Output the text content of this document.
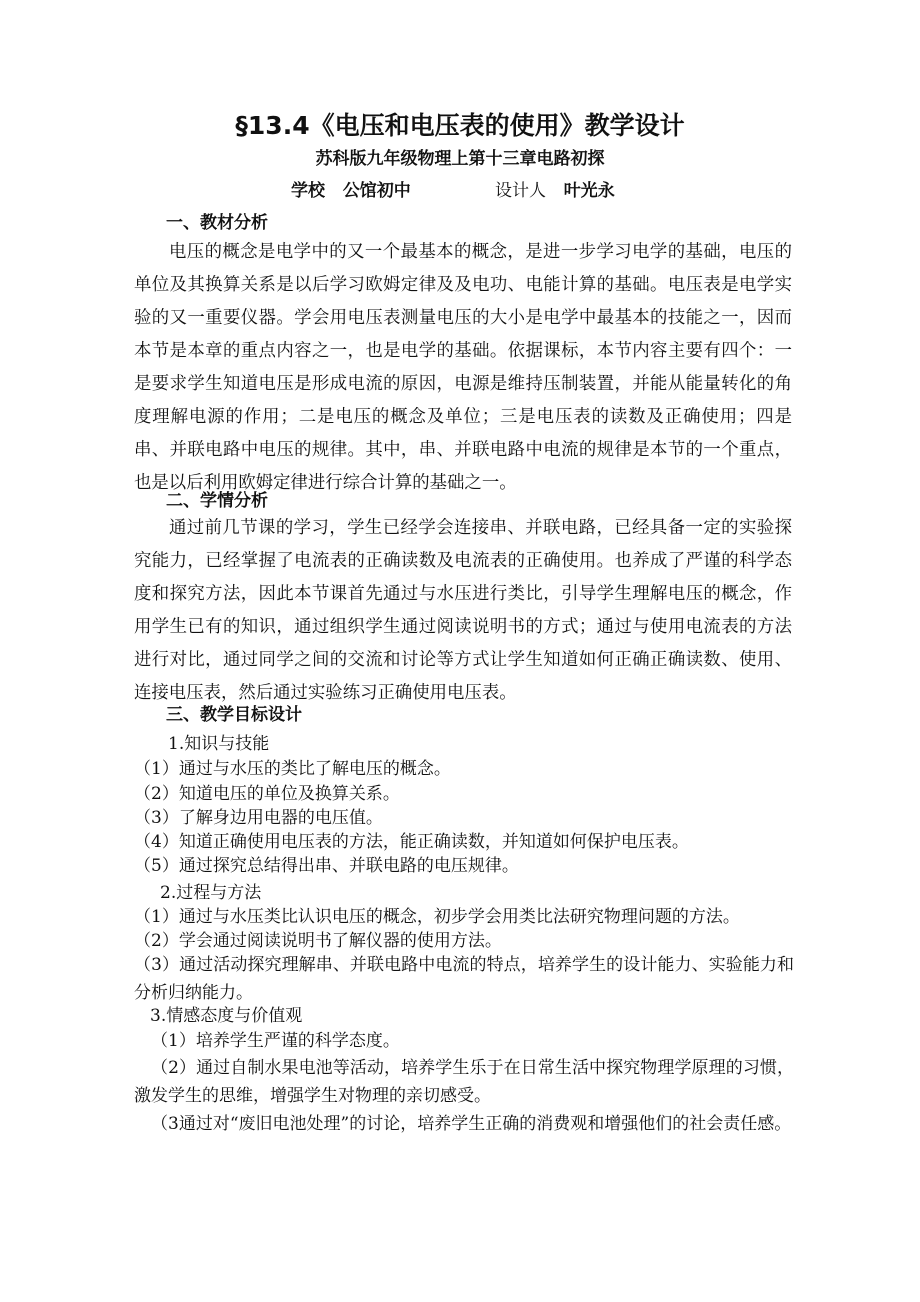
§13.4《电压和电压表的使用》教学设计
苏科版九年级物理上第十三章电路初探
学校 公馆初中	设计人 叶光永
一、教材分析

电压的概念是电学中的又一个最基本的概念，是进一步学习电学的基础，电压的单位及其换算关系是以后学习欧姆定律及及电功、电能计算的基础。电压表是电学实验的又一重要仪器。学会用电压表测量电压的大小是电学中最基本的技能之一，因而本节是本章的重点内容之一，也是电学的基础。依据课标，本节内容主要有四个：一是要求学生知道电压是形成电流的原因，电源是维持压制装置，并能从能量转化的角度理解电源的作用；二是电压的概念及单位；三是电压表的读数及正确使用；四是串、并联电路中电压的规律。其中，串、并联电路中电流的规律是本节的一个重点，也是以后利用欧姆定律进行综合计算的基础之一。

二、学情分析

通过前几节课的学习，学生已经学会连接串、并联电路，已经具备一定的实验探究能力，已经掌握了电流表的正确读数及电流表的正确使用。也养成了严谨的科学态度和探究方法，因此本节课首先通过与水压进行类比，引导学生理解电压的概念，作用学生已有的知识，通过组织学生通过阅读说明书的方式；通过与使用电流表的方法进行对比，通过同学之间的交流和讨论等方式让学生知道如何正确正确读数、使用、连接电压表，然后通过实验练习正确使用电压表。

三、教学目标设计
1.知识与技能

（1）通过与水压的类比了解电压的概念。

（2）知道电压的单位及换算关系。

（3）了解身边用电器的电压值。

（4）知道正确使用电压表的方法，能正确读数，并知道如何保护电压表。

（5）通过探究总结得出串、并联电路的电压规律。

2.过程与方法

（1）通过与水压类比认识电压的概念，初步学会用类比法研究物理问题的方法。

（2）学会通过阅读说明书了解仪器的使用方法。

（3）通过活动探究理解串、并联电路中电流的特点，培养学生的设计能力、实验能力和分析归纳能力。

3.情感态度与价值观

（1）培养学生严谨的科学态度。

（2）通过自制水果电池等活动，培养学生乐于在日常生活中探究物理学原理的习惯，激发学生的思维，增强学生对物理的亲切感受。

（3通过对“废旧电池处理”的讨论，培养学生正确的消费观和增强他们的社会责任感。
